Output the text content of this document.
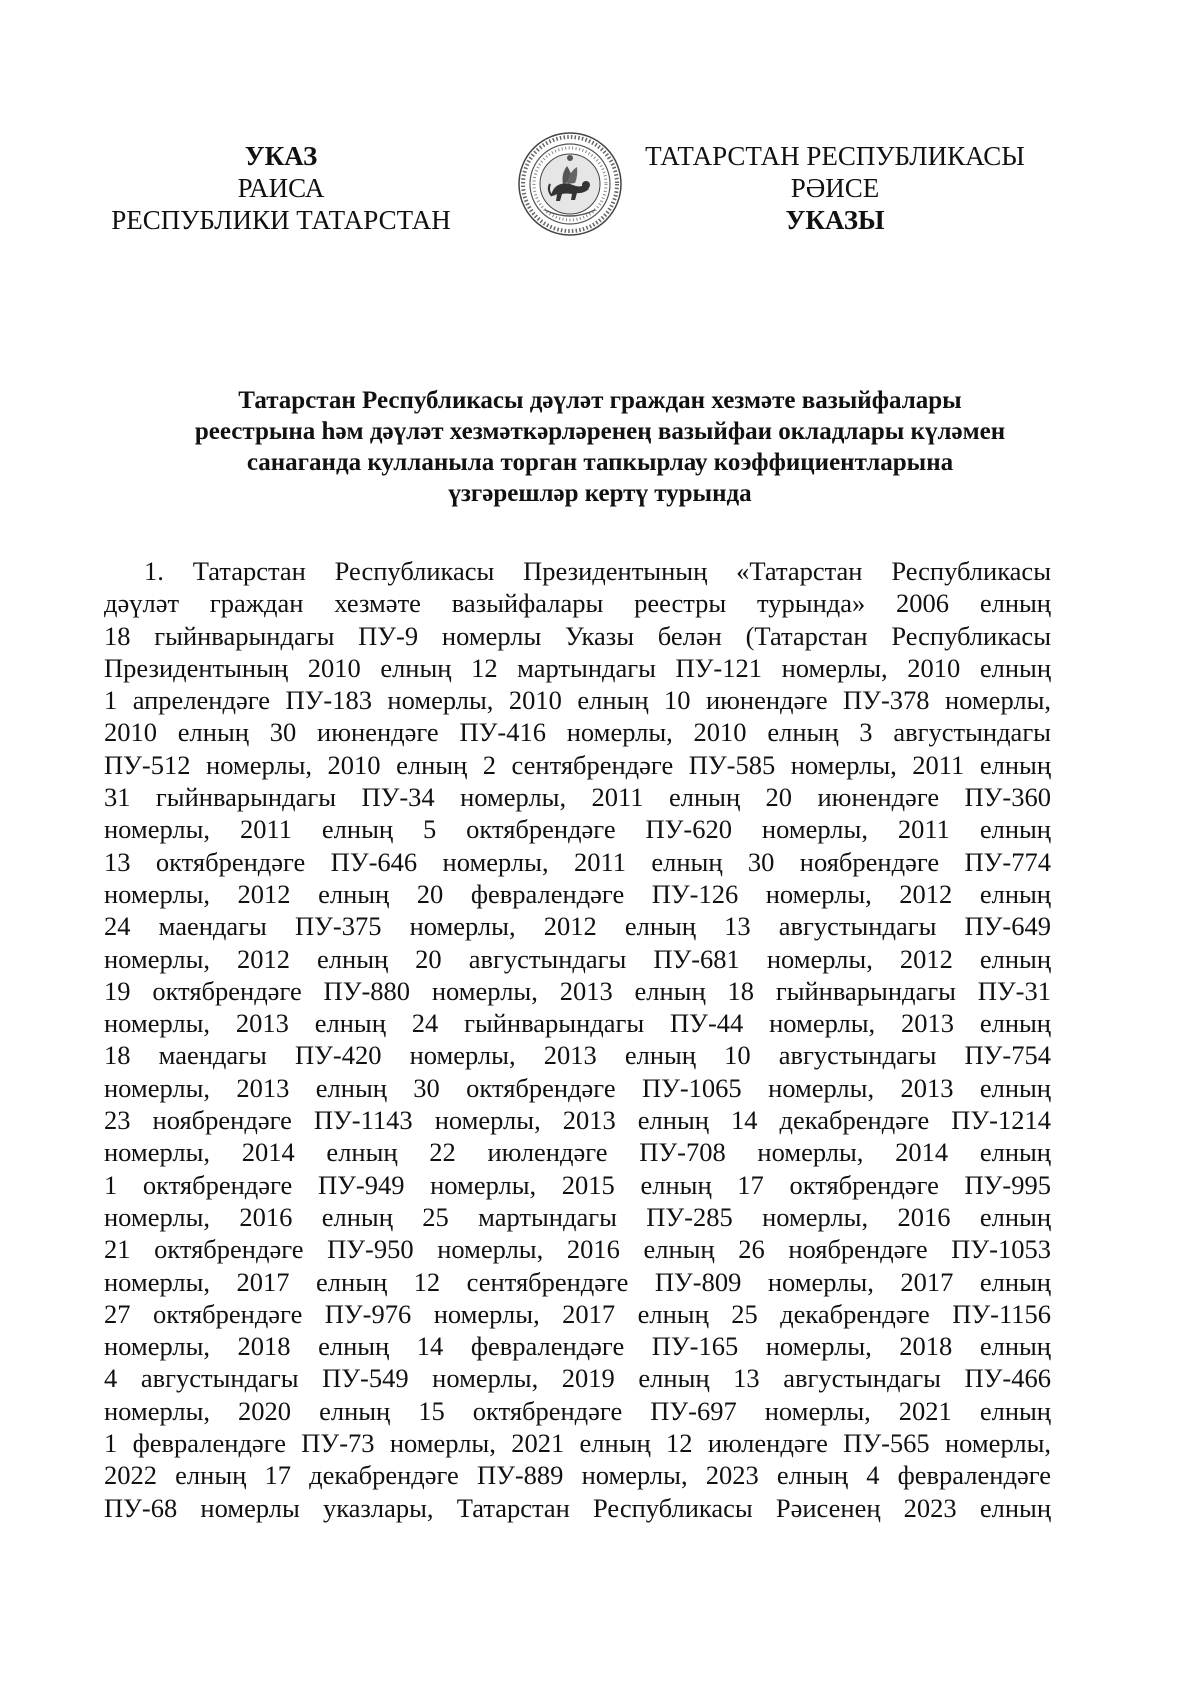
УКАЗ
РАИСА
РЕСПУБЛИКИ ТАТАРСТАН
ТАТАРСТАН РЕСПУБЛИКАСЫ
РӘИСЕ
УКАЗЫ
Татарстан Республикасы дәүләт граждан хезмәте вазыйфалары
реестрына һәм дәүләт хезмәткәрләренең вазыйфаи окладлары күләмен
санаганда кулланыла торган тапкырлау коэффициентларына
үзгәрешләр кертү турында
1. Татарстан Республикасы Президентының «Татарстан Республикасы
дәүләт граждан хезмәте вазыйфалары реестры турында» 2006 елның
18 гыйнварындагы ПУ-9 номерлы Указы белән (Татарстан Республикасы
Президентының 2010 елның 12 мартындагы ПУ-121 номерлы, 2010 елның
1 апрелендәге ПУ-183 номерлы, 2010 елның 10 июнендәге ПУ-378 номерлы,
2010 елның 30 июнендәге ПУ-416 номерлы, 2010 елның 3 августындагы
ПУ-512 номерлы, 2010 елның 2 сентябрендәге ПУ-585 номерлы, 2011 елның
31 гыйнварындагы ПУ-34 номерлы, 2011 елның 20 июнендәге ПУ-360
номерлы, 2011 елның 5 октябрендәге ПУ-620 номерлы, 2011 елның
13 октябрендәге ПУ-646 номерлы, 2011 елның 30 ноябрендәге ПУ-774
номерлы, 2012 елның 20 февралендәге ПУ-126 номерлы, 2012 елның
24 маендагы ПУ-375 номерлы, 2012 елның 13 августындагы ПУ-649
номерлы, 2012 елның 20 августындагы ПУ-681 номерлы, 2012 елның
19 октябрендәге ПУ-880 номерлы, 2013 елның 18 гыйнварындагы ПУ-31
номерлы, 2013 елның 24 гыйнварындагы ПУ-44 номерлы, 2013 елның
18 маендагы ПУ-420 номерлы, 2013 елның 10 августындагы ПУ-754
номерлы, 2013 елның 30 октябрендәге ПУ-1065 номерлы, 2013 елның
23 ноябрендәге ПУ-1143 номерлы, 2013 елның 14 декабрендәге ПУ-1214
номерлы, 2014 елның 22 июлендәге ПУ-708 номерлы, 2014 елның
1 октябрендәге ПУ-949 номерлы, 2015 елның 17 октябрендәге ПУ-995
номерлы, 2016 елның 25 мартындагы ПУ-285 номерлы, 2016 елның
21 октябрендәге ПУ-950 номерлы, 2016 елның 26 ноябрендәге ПУ-1053
номерлы, 2017 елның 12 сентябрендәге ПУ-809 номерлы, 2017 елның
27 октябрендәге ПУ-976 номерлы, 2017 елның 25 декабрендәге ПУ-1156
номерлы, 2018 елның 14 февралендәге ПУ-165 номерлы, 2018 елның
4 августындагы ПУ-549 номерлы, 2019 елның 13 августындагы ПУ-466
номерлы, 2020 елның 15 октябрендәге ПУ-697 номерлы, 2021 елның
1 февралендәге ПУ-73 номерлы, 2021 елның 12 июлендәге ПУ-565 номерлы,
2022 елның 17 декабрендәге ПУ-889 номерлы, 2023 елның 4 февралендәге
ПУ-68 номерлы указлары, Татарстан Республикасы Рәисенең 2023 елның
